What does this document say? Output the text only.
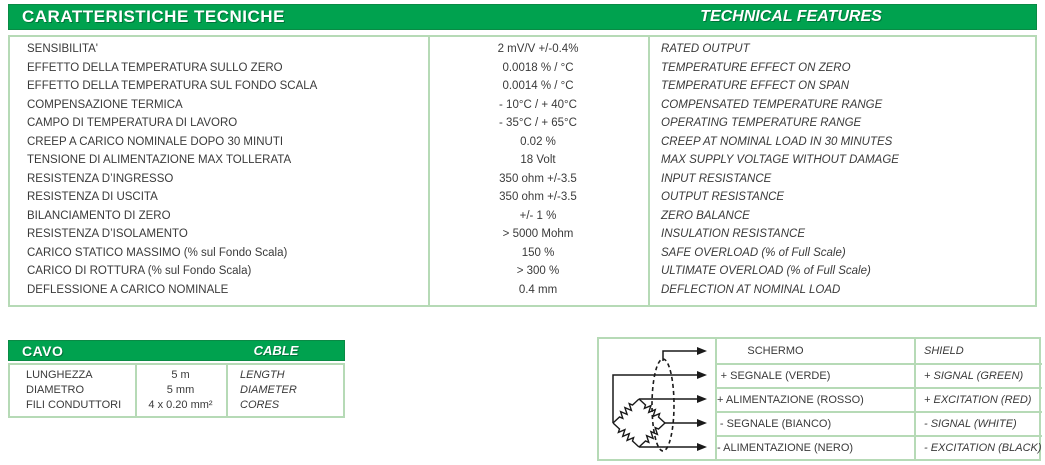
CARATTERISTICHE TECNICHE	TECHNICAL FEATURES
SENSIBILITA'	2 mV/V +/-0.4%	RATED OUTPUT
EFFETTO DELLA TEMPERATURA SULLO ZERO	0.0018 % / °C	TEMPERATURE EFFECT ON ZERO
EFFETTO DELLA TEMPERATURA SUL FONDO SCALA	0.0014 % / °C	TEMPERATURE EFFECT ON SPAN
COMPENSAZIONE TERMICA	- 10°C / + 40°C	COMPENSATED TEMPERATURE RANGE
CAMPO DI TEMPERATURA DI LAVORO	- 35°C / + 65°C	OPERATING TEMPERATURE RANGE
CREEP A CARICO NOMINALE DOPO 30 MINUTI	0.02 %	CREEP AT NOMINAL LOAD IN 30 MINUTES
TENSIONE DI ALIMENTAZIONE MAX TOLLERATA	18 Volt	MAX SUPPLY VOLTAGE WITHOUT DAMAGE
RESISTENZA D’INGRESSO	350 ohm +/-3.5	INPUT RESISTANCE
RESISTENZA DI USCITA	350 ohm +/-3.5	OUTPUT RESISTANCE
BILANCIAMENTO DI ZERO	+/- 1 %	ZERO BALANCE
RESISTENZA D’ISOLAMENTO	> 5000 Mohm	INSULATION RESISTANCE
CARICO STATICO MASSIMO (% sul Fondo Scala)	150 %	SAFE OVERLOAD (% of Full Scale)
CARICO DI ROTTURA (% sul Fondo Scala)	> 300 %	ULTIMATE OVERLOAD (% of Full Scale)
DEFLESSIONE A CARICO NOMINALE	0.4 mm	DEFLECTION AT NOMINAL LOAD
CAVO	CABLE
LUNGHEZZA	5 m	LENGTH
DIAMETRO	5 mm	DIAMETER
FILI CONDUTTORI	4 x 0.20 mm²	CORES
SCHERMO	SHIELD
+ SEGNALE (VERDE)	+ SIGNAL (GREEN)
+ ALIMENTAZIONE (ROSSO)	+ EXCITATION (RED)
- SEGNALE (BIANCO)	- SIGNAL (WHITE)
- ALIMENTAZIONE (NERO)	- EXCITATION (BLACK)
